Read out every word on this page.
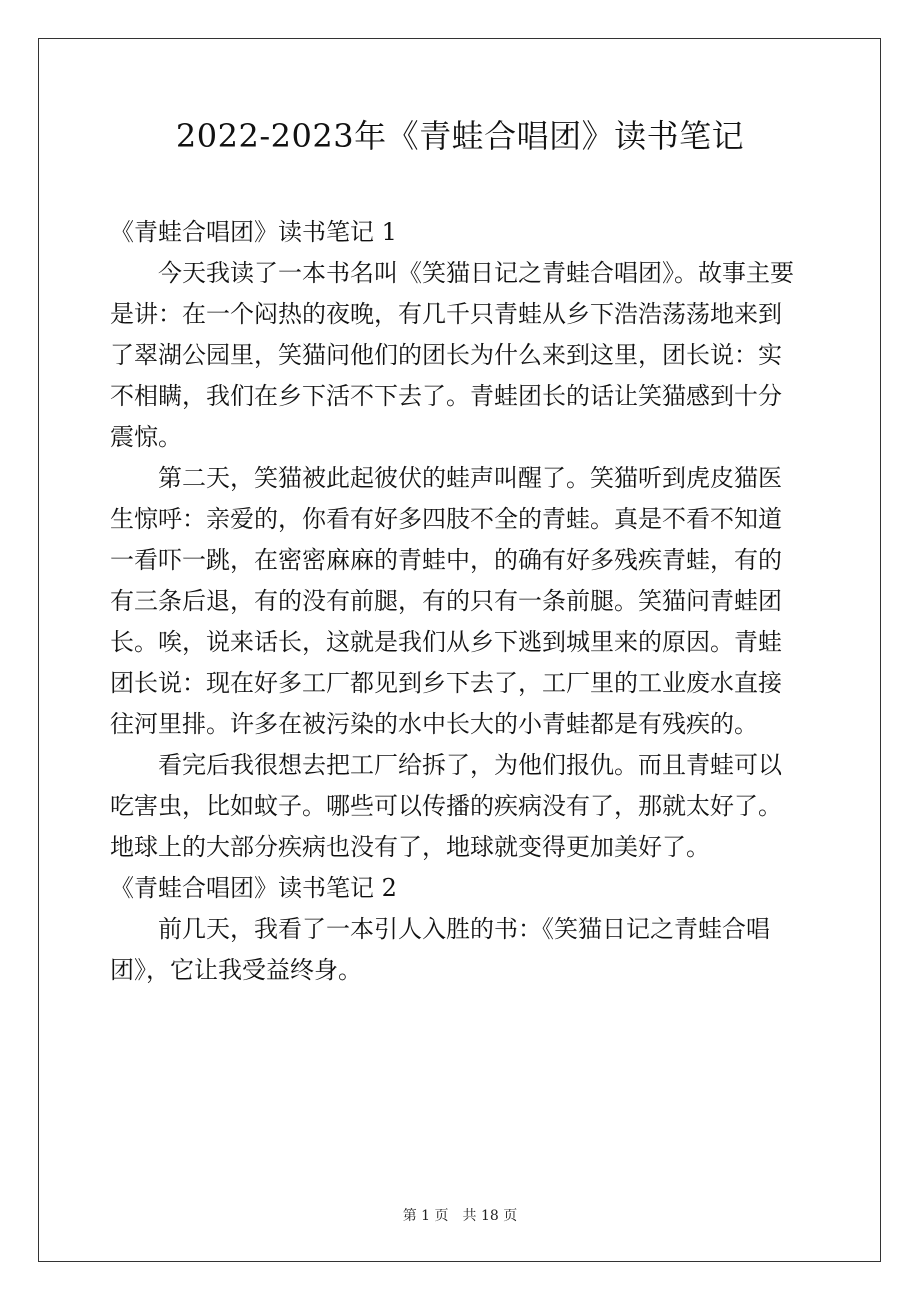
2022-2023年《青蛙合唱团》读书笔记

《青蛙合唱团》读书笔记 1

今天我读了一本书名叫《笑猫日记之青蛙合唱团》。故事主要

是讲：在一个闷热的夜晚，有几千只青蛙从乡下浩浩荡荡地来到

了翠湖公园里，笑猫问他们的团长为什么来到这里，团长说：实

不相瞒，我们在乡下活不下去了。青蛙团长的话让笑猫感到十分

震惊。

第二天，笑猫被此起彼伏的蛙声叫醒了。笑猫听到虎皮猫医

生惊呼：亲爱的，你看有好多四肢不全的青蛙。真是不看不知道

一看吓一跳，在密密麻麻的青蛙中，的确有好多残疾青蛙，有的

有三条后退，有的没有前腿，有的只有一条前腿。笑猫问青蛙团

长。唉，说来话长，这就是我们从乡下逃到城里来的原因。青蛙

团长说：现在好多工厂都见到乡下去了，工厂里的工业废水直接

往河里排。许多在被污染的水中长大的小青蛙都是有残疾的。

看完后我很想去把工厂给拆了，为他们报仇。而且青蛙可以

吃害虫，比如蚊子。哪些可以传播的疾病没有了，那就太好了。

地球上的大部分疾病也没有了，地球就变得更加美好了。

《青蛙合唱团》读书笔记 2

前几天，我看了一本引人入胜的书：《笑猫日记之青蛙合唱

团》，它让我受益终身。

第 1 页 共 18 页
